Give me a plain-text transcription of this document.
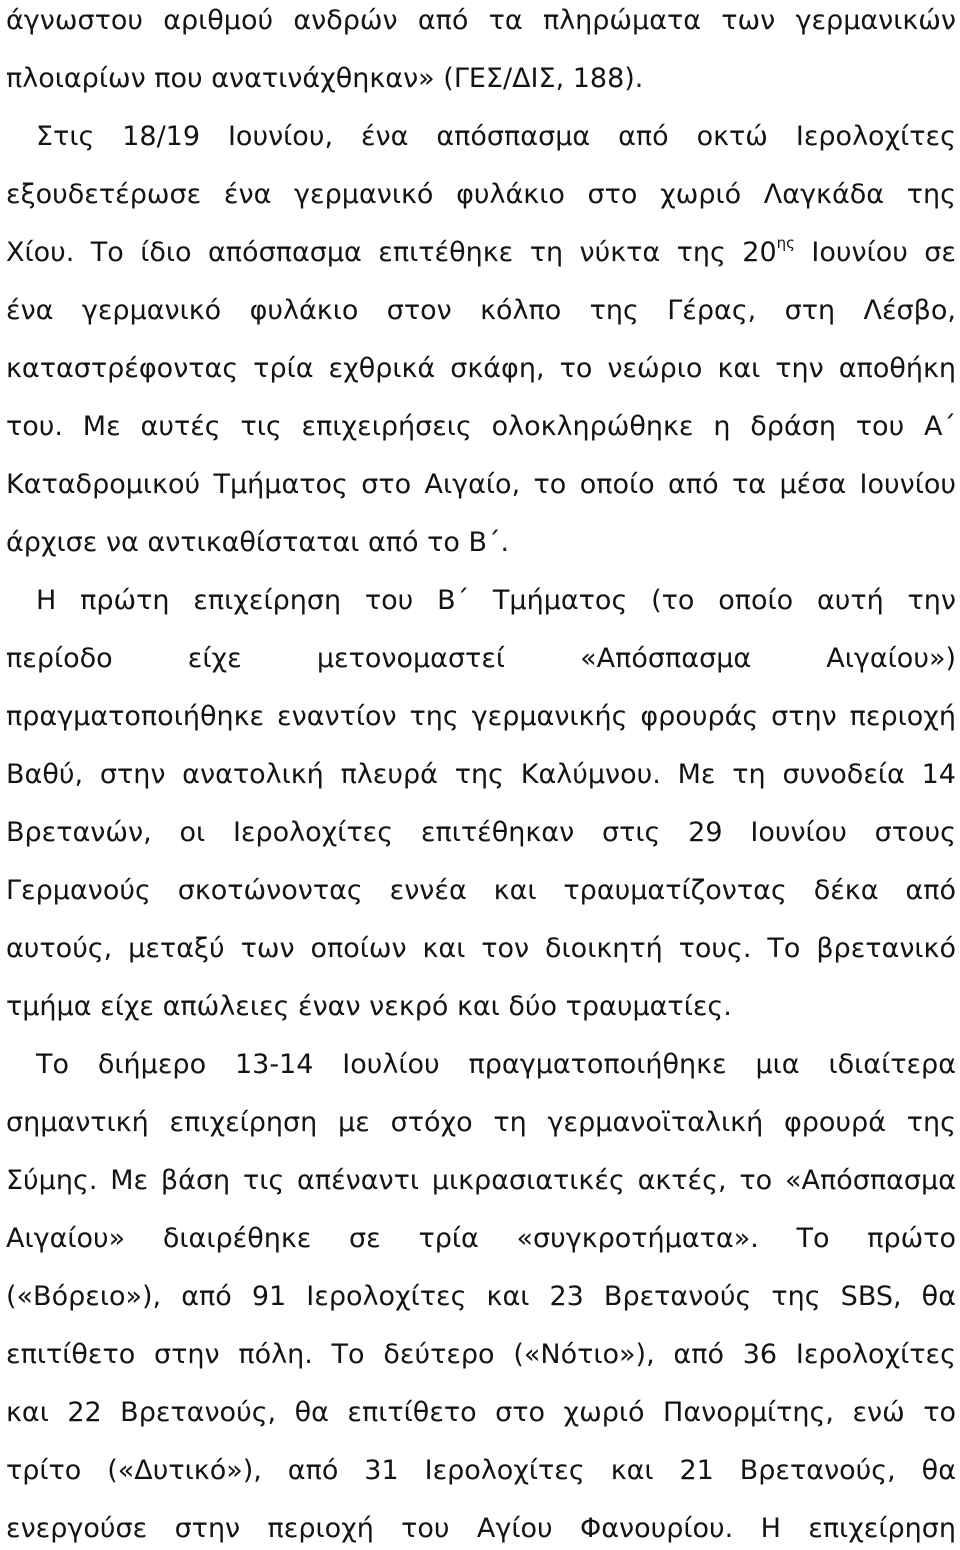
άγνωστου αριθμού ανδρών από τα πληρώματα των γερμανικών
πλοιαρίων που ανατινάχθηκαν» (ΓΕΣ/ΔΙΣ, 188).
Στις 18/19 Ιουνίου, ένα απόσπασμα από οκτώ Ιερολοχίτες
εξουδετέρωσε ένα γερμανικό φυλάκιο στο χωριό Λαγκάδα της
Χίου. Το ίδιο απόσπασμα επιτέθηκε τη νύκτα της $20^{\eta\varsigma}$ Ιουνίου σε
ένα γερμανικό φυλάκιο στον κόλπο της Γέρας, στη Λέσβο,
καταστρέφοντας τρία εχθρικά σκάφη, το νεώριο και την αποθήκη
του. Με αυτές τις επιχειρήσεις ολοκληρώθηκε η δράση του Α΄
Καταδρομικού Τμήματος στο Αιγαίο, το οποίο από τα μέσα Ιουνίου
άρχισε να αντικαθίσταται από το Β΄.
Η πρώτη επιχείρηση του Β΄ Τμήματος (το οποίο αυτή την
περίοδο είχε μετονομαστεί «Απόσπασμα Αιγαίου»)
πραγματοποιήθηκε εναντίον της γερμανικής φρουράς στην περιοχή
Βαθύ, στην ανατολική πλευρά της Καλύμνου. Με τη συνοδεία 14
Βρετανών, οι Ιερολοχίτες επιτέθηκαν στις 29 Ιουνίου στους
Γερμανούς σκοτώνοντας εννέα και τραυματίζοντας δέκα από
αυτούς, μεταξύ των οποίων και τον διοικητή τους. Το βρετανικό
τμήμα είχε απώλειες έναν νεκρό και δύο τραυματίες.
Το διήμερο 13-14 Ιουλίου πραγματοποιήθηκε μια ιδιαίτερα
σημαντική επιχείρηση με στόχο τη γερμανοϊταλική φρουρά της
Σύμης. Με βάση τις απέναντι μικρασιατικές ακτές, το «Απόσπασμα
Αιγαίου» διαιρέθηκε σε τρία «συγκροτήματα». Το πρώτο
(«Βόρειο»), από 91 Ιερολοχίτες και 23 Βρετανούς της SBS, θα
επιτίθετο στην πόλη. Το δεύτερο («Νότιο»), από 36 Ιερολοχίτες
και 22 Βρετανούς, θα επιτίθετο στο χωριό Πανορμίτης, ενώ το
τρίτο («Δυτικό»), από 31 Ιερολοχίτες και 21 Βρετανούς, θα
ενεργούσε στην περιοχή του Αγίου Φανουρίου. Η επιχείρηση
